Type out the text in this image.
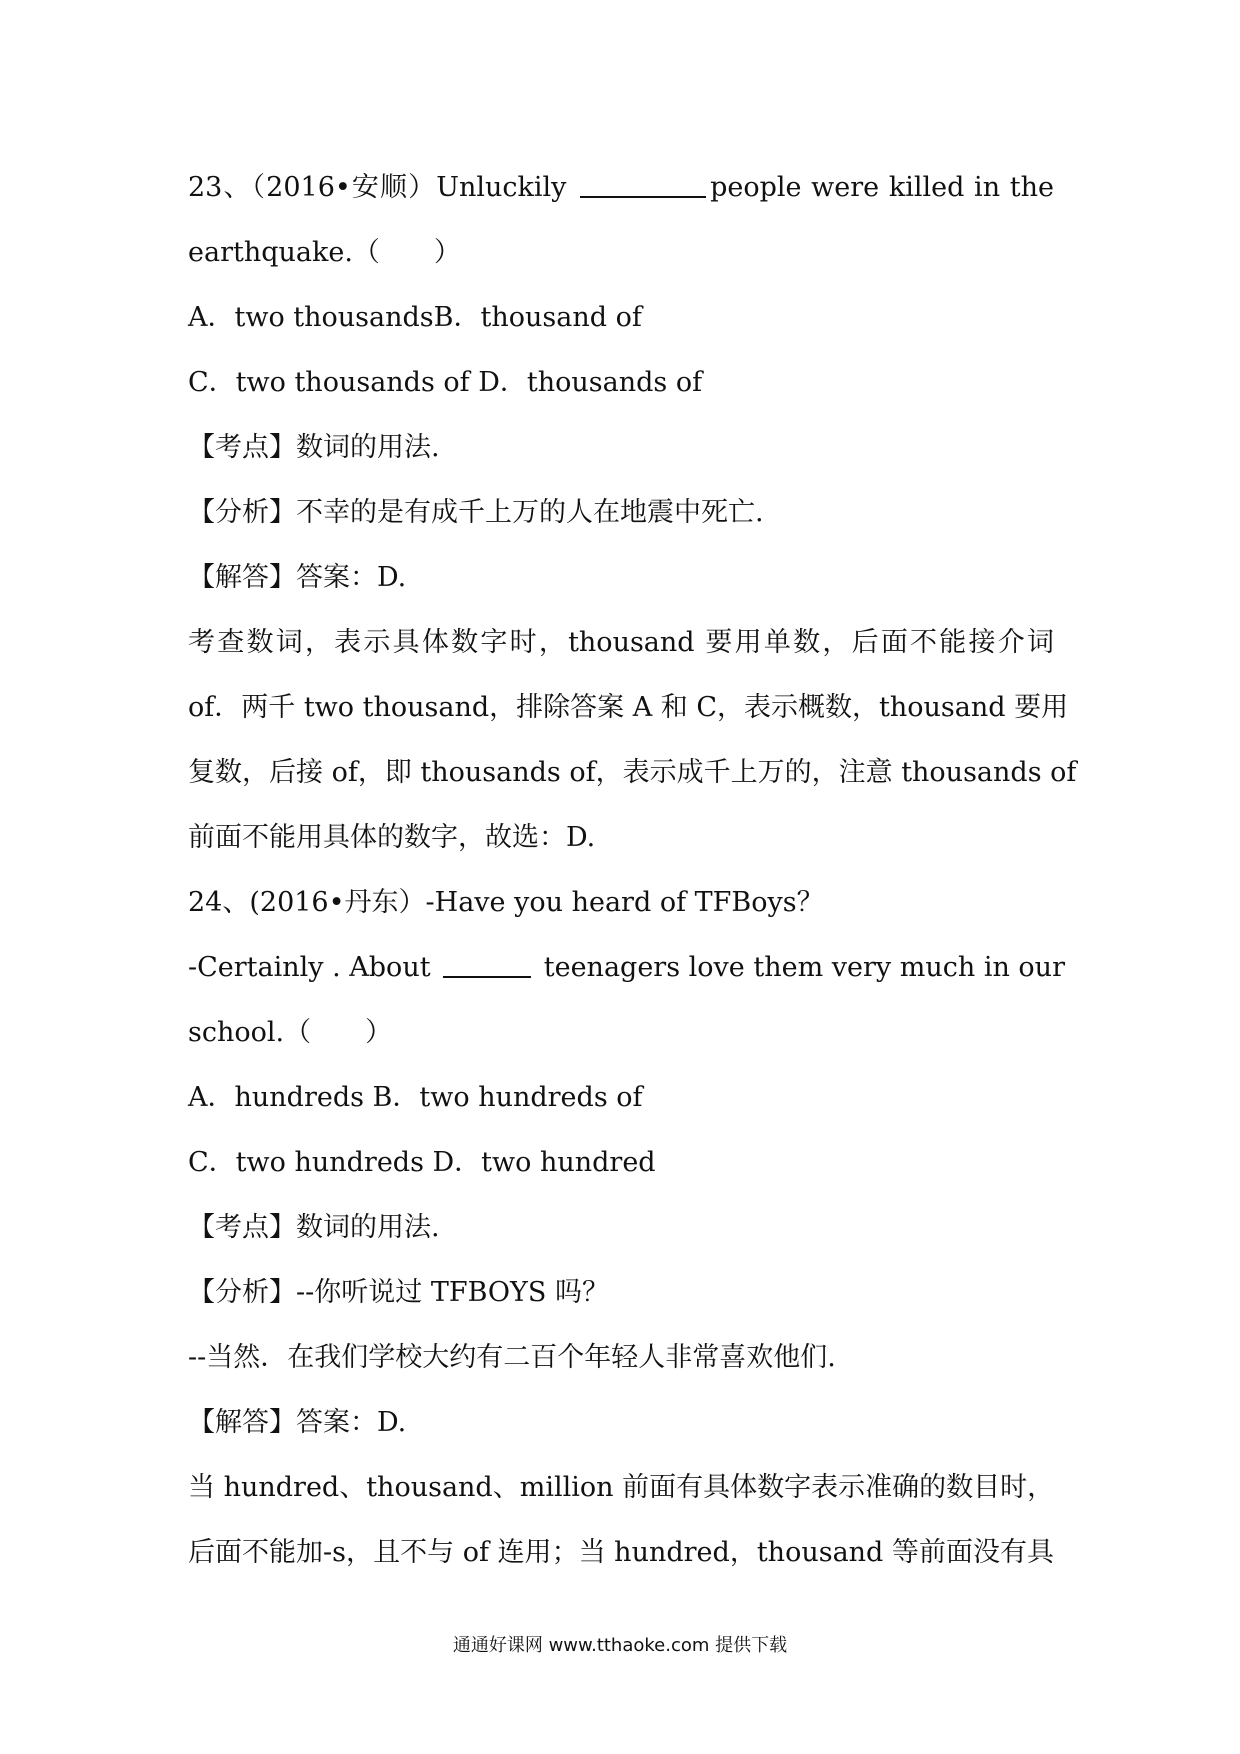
23、（2016•安顺）Unluckily	people were killed in the
earthquake.（　　）
A．two thousandsB．thousand of
C．two thousands of D．thousands of
【考点】数词的用法.
【分析】不幸的是有成千上万的人在地震中死亡.
【解答】答案：D.
考查数词，表示具体数字时，thousand 要用单数，后面不能接介词
of．两千 two thousand，排除答案 A 和 C，表示概数，thousand 要用
复数，后接 of，即 thousands of，表示成千上万的，注意 thousands of
前面不能用具体的数字，故选：D.
24、(2016•丹东）-Have you heard of TFBoys？
-Certainly . About	teenagers love them very much in our
school.（　　）
A．hundreds B．two hundreds of
C．two hundreds D．two hundred
【考点】数词的用法.
【分析】--你听说过 TFBOYS 吗？
--当然．在我们学校大约有二百个年轻人非常喜欢他们.
【解答】答案：D.
当 hundred、thousand、million 前面有具体数字表示准确的数目时，
后面不能加-s，且不与 of 连用；当 hundred，thousand 等前面没有具
通通好课网 www.tthaoke.com 提供下载
